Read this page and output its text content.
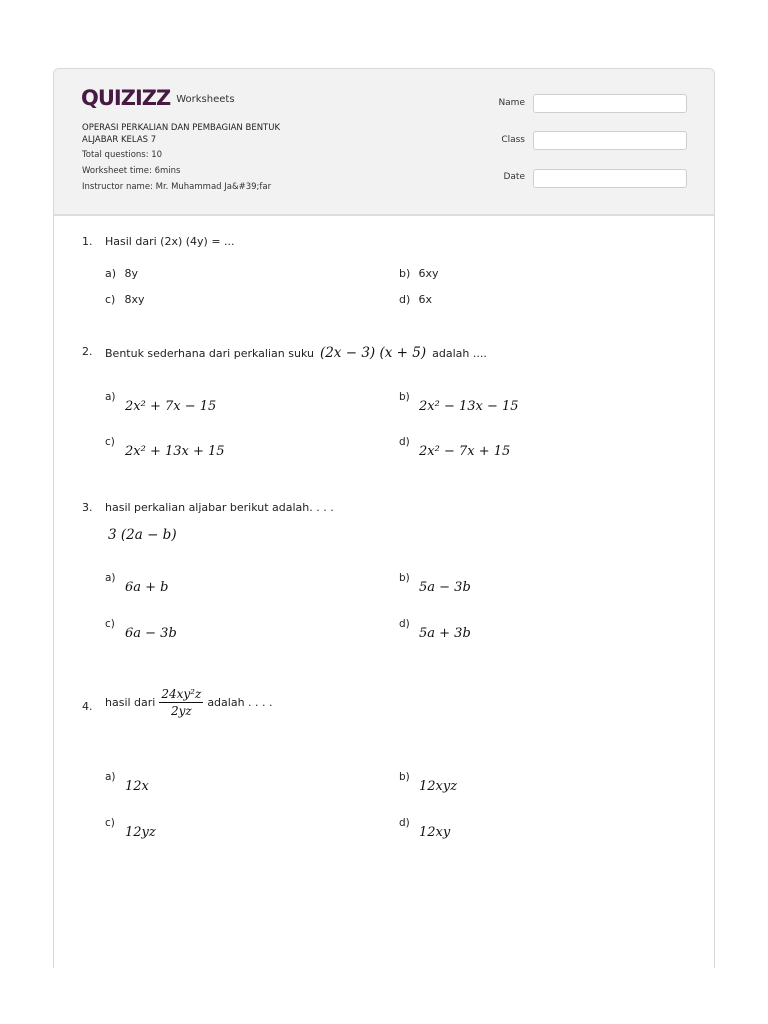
QUIZIZZ Worksheets
OPERASI PERKALIAN DAN PEMBAGIAN BENTUK ALJABAR KELAS 7
Total questions: 10
Worksheet time: 6mins
Instructor name: Mr. Muhammad Ja&#39;far
Name
Class
Date
1.	Hasil dari (2x) (4y) = ...
a) 8y	b) 6xy
c) 8xy	d) 6x
2.	Bentuk sederhana dari perkalian suku (2x − 3) (x + 5) adalah ....
a)
2x² + 7x − 15
b)
2x² − 13x − 15
c)
2x² + 13x + 15
d)
2x² − 7x + 15
3.	hasil perkalian aljabar berikut adalah. . . .
3 (2a − b)
a)
6a + b
b)
5a − 3b
c)
6a − 3b
d)
5a + 3b
4.	hasil dari $\frac{\text{24xy²z}}{2yz}$ adalah . . . .
a)
12x
b)
12xyz
c)
12yz
d)
12xy
